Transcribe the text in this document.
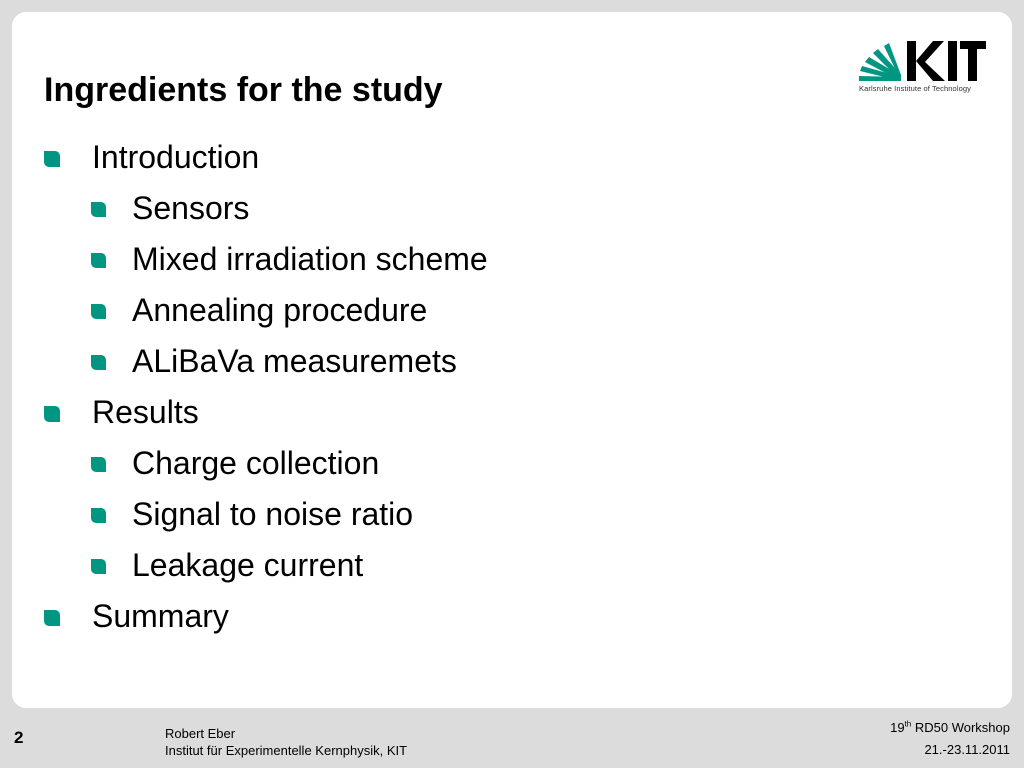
Ingredients for the study	Karlsruhe Institute of Technology
Introduction
Sensors
Mixed irradiation scheme
Annealing procedure
ALiBaVa measuremets
Results
Charge collection
Signal to noise ratio
Leakage current
Summary
2	Robert Eber
Institut für Experimentelle Kernphysik, KIT
19th RD50 Workshop
21.-23.11.2011
